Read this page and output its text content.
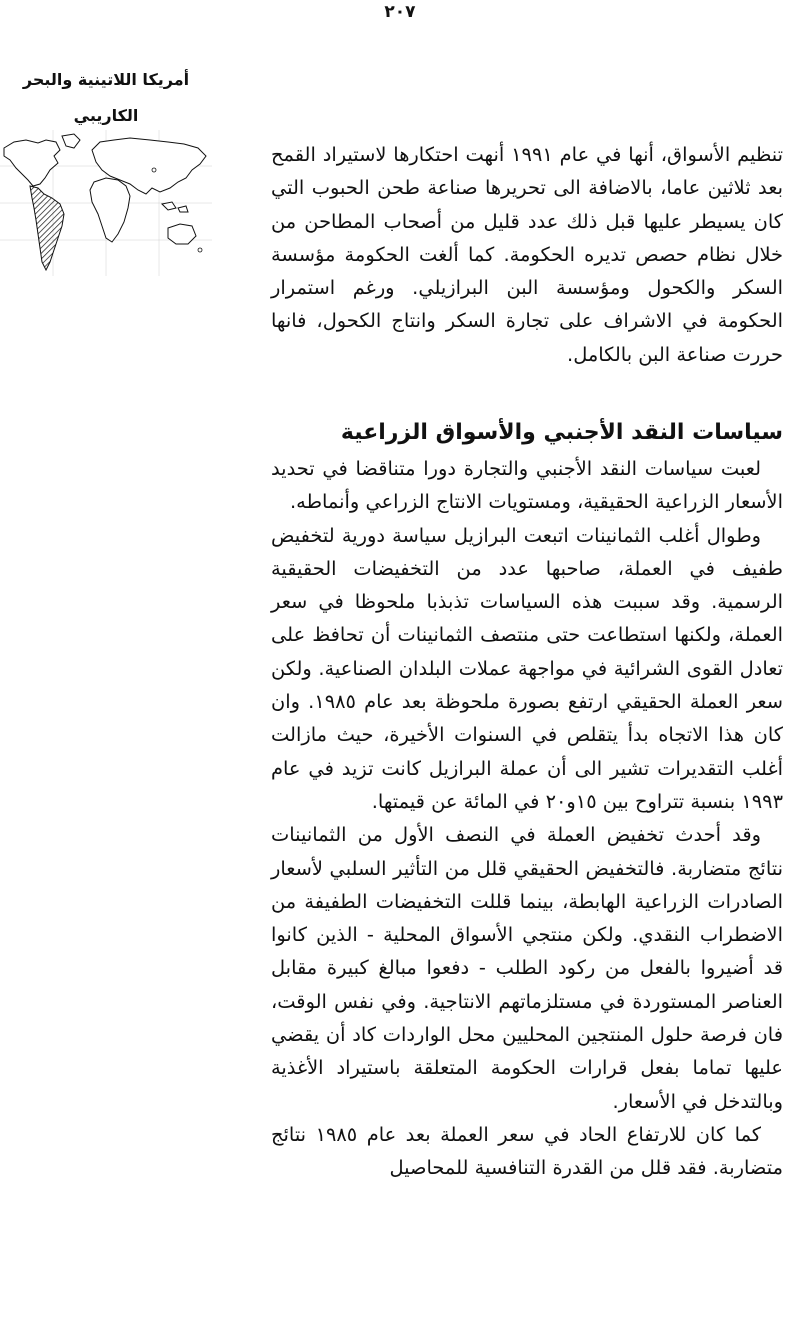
٢٠٧
أمريكا اللاتينية والبحر
الكاريبي

تنظيم الأسواق، أنها في عام ١٩٩١ أنهت احتكارها لاستيراد القمح بعد ثلاثين عاما، بالاضافة الى تحريرها صناعة طحن الحبوب التي كان يسيطر عليها قبل ذلك عدد قليل من أصحاب المطاحن من خلال نظام حصص تديره الحكومة. كما ألغت الحكومة مؤسسة السكر والكحول ومؤسسة البن البرازيلي. ورغم استمرار الحكومة في الاشراف على تجارة السكر وانتاج الكحول، فانها حررت صناعة البن بالكامل.

سياسات النقد الأجنبي والأسواق الزراعية

لعبت سياسات النقد الأجنبي والتجارة دورا متناقضا في تحديد الأسعار الزراعية الحقيقية، ومستويات الانتاج الزراعي وأنماطه.

وطوال أغلب الثمانينات اتبعت البرازيل سياسة دورية لتخفيض طفيف في العملة، صاحبها عدد من التخفيضات الحقيقية الرسمية. وقد سببت هذه السياسات تذبذبا ملحوظا في سعر العملة، ولكنها استطاعت حتى منتصف الثمانينات أن تحافظ على تعادل القوى الشرائية في مواجهة عملات البلدان الصناعية. ولكن سعر العملة الحقيقي ارتفع بصورة ملحوظة بعد عام ١٩٨٥. وان كان هذا الاتجاه بدأ يتقلص في السنوات الأخيرة، حيث مازالت أغلب التقديرات تشير الى أن عملة البرازيل كانت تزيد في عام ١٩٩٣ بنسبة تتراوح بين ١٥و٢٠ في المائة عن قيمتها.

وقد أحدث تخفيض العملة في النصف الأول من الثمانينات نتائج متضاربة. فالتخفيض الحقيقي قلل من التأثير السلبي لأسعار الصادرات الزراعية الهابطة، بينما قللت التخفيضات الطفيفة من الاضطراب النقدي. ولكن منتجي الأسواق المحلية - الذين كانوا قد أضيروا بالفعل من ركود الطلب - دفعوا مبالغ كبيرة مقابل العناصر المستوردة في مستلزماتهم الانتاجية. وفي نفس الوقت، فان فرصة حلول المنتجين المحليين محل الواردات كاد أن يقضي عليها تماما بفعل قرارات الحكومة المتعلقة باستيراد الأغذية وبالتدخل في الأسعار.

كما كان للارتفاع الحاد في سعر العملة بعد عام ١٩٨٥ نتائج متضاربة. فقد قلل من القدرة التنافسية للمحاصيل
